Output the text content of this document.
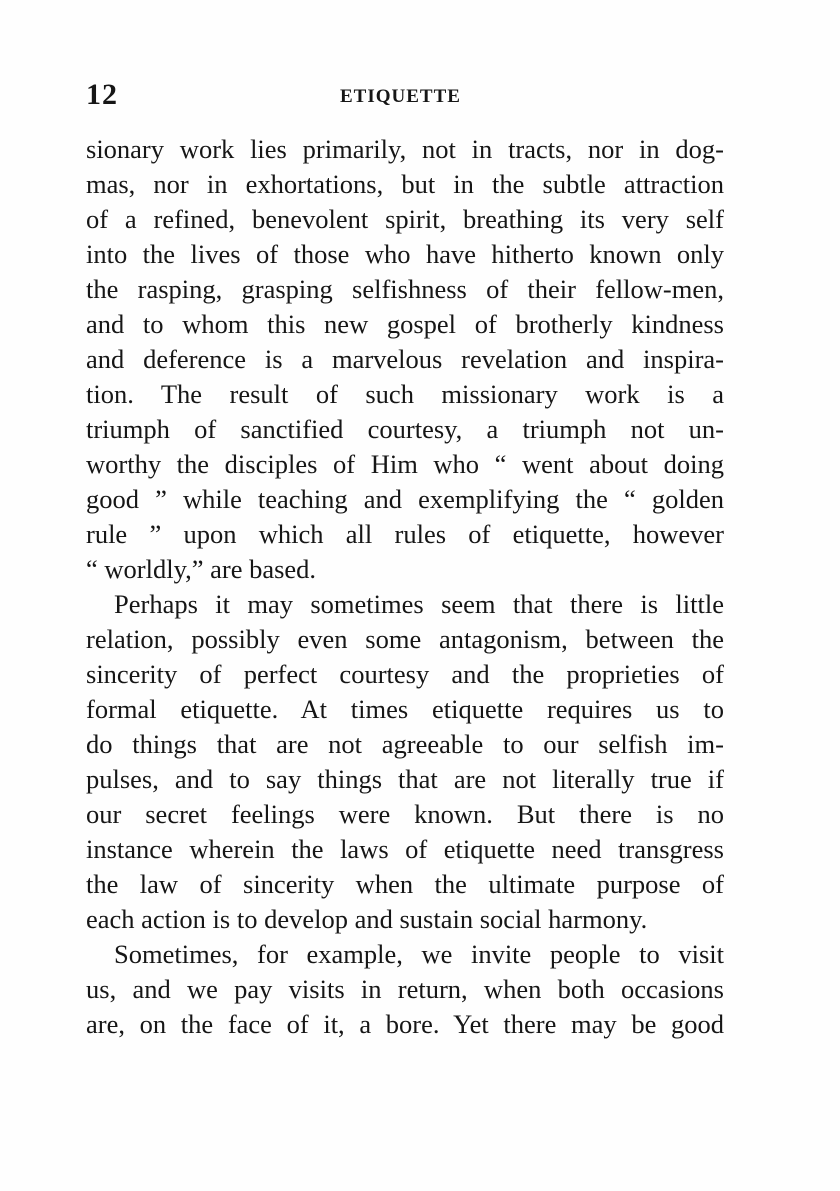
12	ETIQUETTE
sionary work lies primarily, not in tracts, nor in dog-
mas, nor in exhortations, but in the subtle attraction
of a refined, benevolent spirit, breathing its very self
into the lives of those who have hitherto known only
the rasping, grasping selfishness of their fellow-men,
and to whom this new gospel of brotherly kindness
and deference is a marvelous revelation and inspira-
tion. The result of such missionary work is a
triumph of sanctified courtesy, a triumph not un-
worthy the disciples of Him who “ went about doing
good ” while teaching and exemplifying the “ golden
rule ” upon which all rules of etiquette, however
“ worldly,” are based.
Perhaps it may sometimes seem that there is little
relation, possibly even some antagonism, between the
sincerity of perfect courtesy and the proprieties of
formal etiquette. At times etiquette requires us to
do things that are not agreeable to our selfish im-
pulses, and to say things that are not literally true if
our secret feelings were known. But there is no
instance wherein the laws of etiquette need transgress
the law of sincerity when the ultimate purpose of
each action is to develop and sustain social harmony.
Sometimes, for example, we invite people to visit
us, and we pay visits in return, when both occasions
are, on the face of it, a bore. Yet there may be good
